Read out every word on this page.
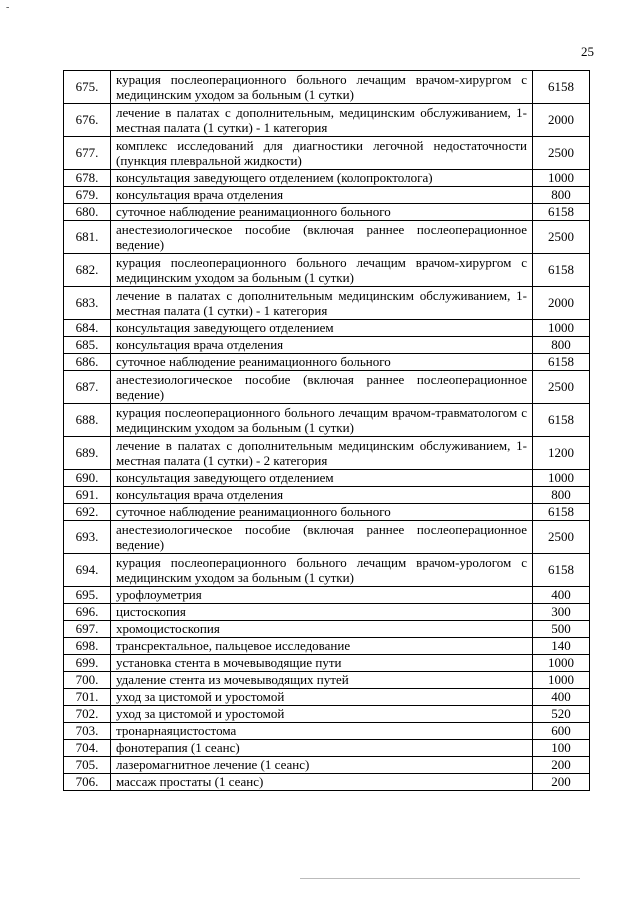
-
25
675.	курация послеоперационного больного лечащим врачом-хирургом с медицинским уходом за больным (1 сутки)	6158
676.	лечение в палатах с дополнительным, медицинским обслуживанием, 1-местная палата (1 сутки) - 1 категория	2000
677.	комплекс исследований для диагностики легочной недостаточности (пункция плевральной жидкости)	2500
678.	консультация заведующего отделением (колопроктолога)	1000
679.	консультация врача отделения	800
680.	суточное наблюдение реанимационного больного	6158
681.	анестезиологическое пособие (включая раннее послеоперационное ведение)	2500
682.	курация послеоперационного больного лечащим врачом-хирургом с медицинским уходом за больным (1 сутки)	6158
683.	лечение в палатах с дополнительным медицинским обслуживанием, 1-местная палата (1 сутки) - 1 категория	2000
684.	консультация заведующего отделением	1000
685.	консультация врача отделения	800
686.	суточное наблюдение реанимационного больного	6158
687.	анестезиологическое пособие (включая раннее послеоперационное ведение)	2500
688.	курация послеоперационного больного лечащим врачом-травматологом с медицинским уходом за больным (1 сутки)	6158
689.	лечение в палатах с дополнительным медицинским обслуживанием, 1-местная палата (1 сутки) - 2 категория	1200
690.	консультация заведующего отделением	1000
691.	консультация врача отделения	800
692.	суточное наблюдение реанимационного больного	6158
693.	анестезиологическое пособие (включая раннее послеоперационное ведение)	2500
694.	курация послеоперационного больного лечащим врачом-урологом с медицинским уходом за больным (1 сутки)	6158
695.	урофлоуметрия	400
696.	цистоскопия	300
697.	хромоцистоскопия	500
698.	трансректальное, пальцевое исследование	140
699.	установка стента в мочевыводящие пути	1000
700.	удаление стента из мочевыводящих путей	1000
701.	уход за цистомой и уростомой	400
702.	уход за цистомой и уростомой	520
703.	тронарнаяцистостома	600
704.	фонотерапия (1 сеанс)	100
705.	лазеромагнитное лечение (1 сеанс)	200
706.	массаж простаты (1 сеанс)	200
